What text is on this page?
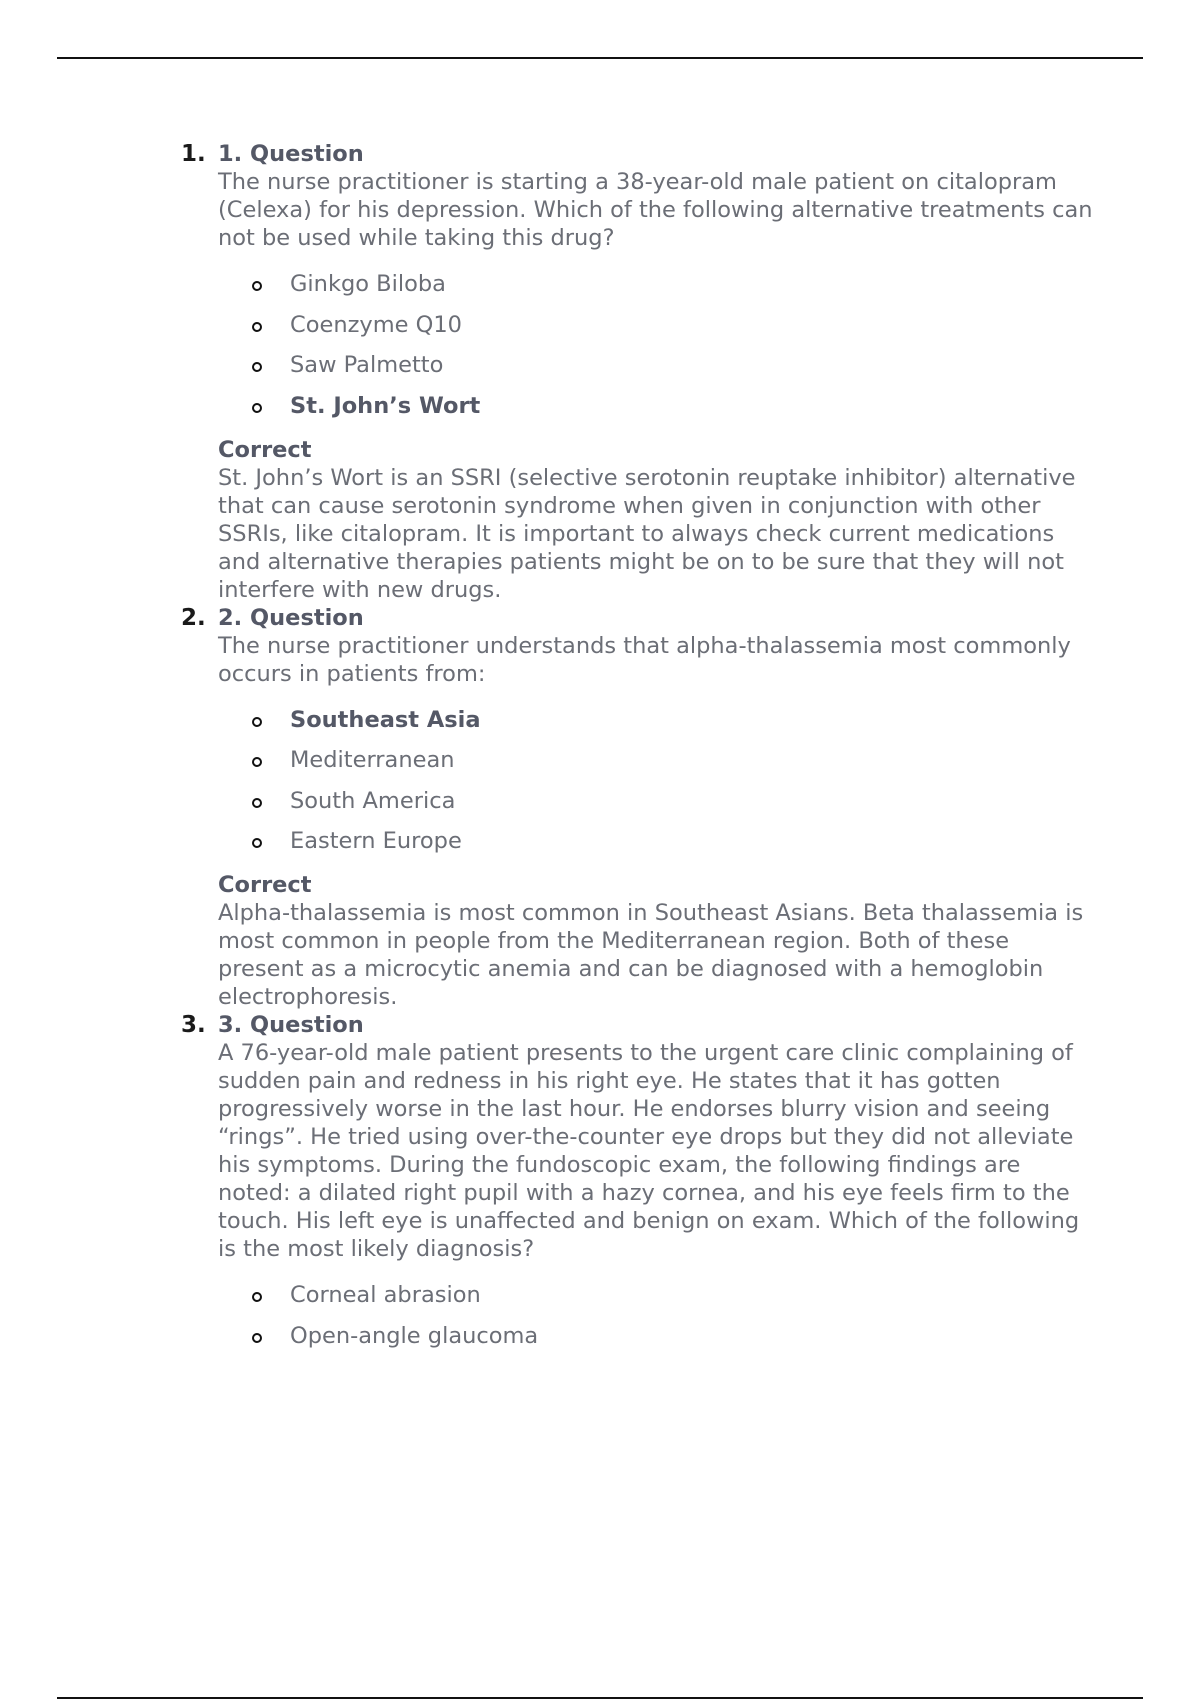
1. 1. Question
The nurse practitioner is starting a 38-year-old male patient on citalopram (Celexa) for his depression. Which of the following alternative treatments can not be used while taking this drug?
Ginkgo Biloba
Coenzyme Q10
Saw Palmetto
St. John’s Wort
Correct
St. John’s Wort is an SSRI (selective serotonin reuptake inhibitor) alternative that can cause serotonin syndrome when given in conjunction with other SSRIs, like citalopram. It is important to always check current medications and alternative therapies patients might be on to be sure that they will not interfere with new drugs.
2. 2. Question
The nurse practitioner understands that alpha-thalassemia most commonly occurs in patients from:
Southeast Asia
Mediterranean
South America
Eastern Europe
Correct
Alpha-thalassemia is most common in Southeast Asians. Beta thalassemia is most common in people from the Mediterranean region. Both of these present as a microcytic anemia and can be diagnosed with a hemoglobin electrophoresis.
3. 3. Question
A 76-year-old male patient presents to the urgent care clinic complaining of sudden pain and redness in his right eye. He states that it has gotten progressively worse in the last hour. He endorses blurry vision and seeing “rings”. He tried using over-the-counter eye drops but they did not alleviate his symptoms. During the fundoscopic exam, the following findings are noted: a dilated right pupil with a hazy cornea, and his eye feels firm to the touch. His left eye is unaffected and benign on exam. Which of the following is the most likely diagnosis?
Corneal abrasion
Open-angle glaucoma
